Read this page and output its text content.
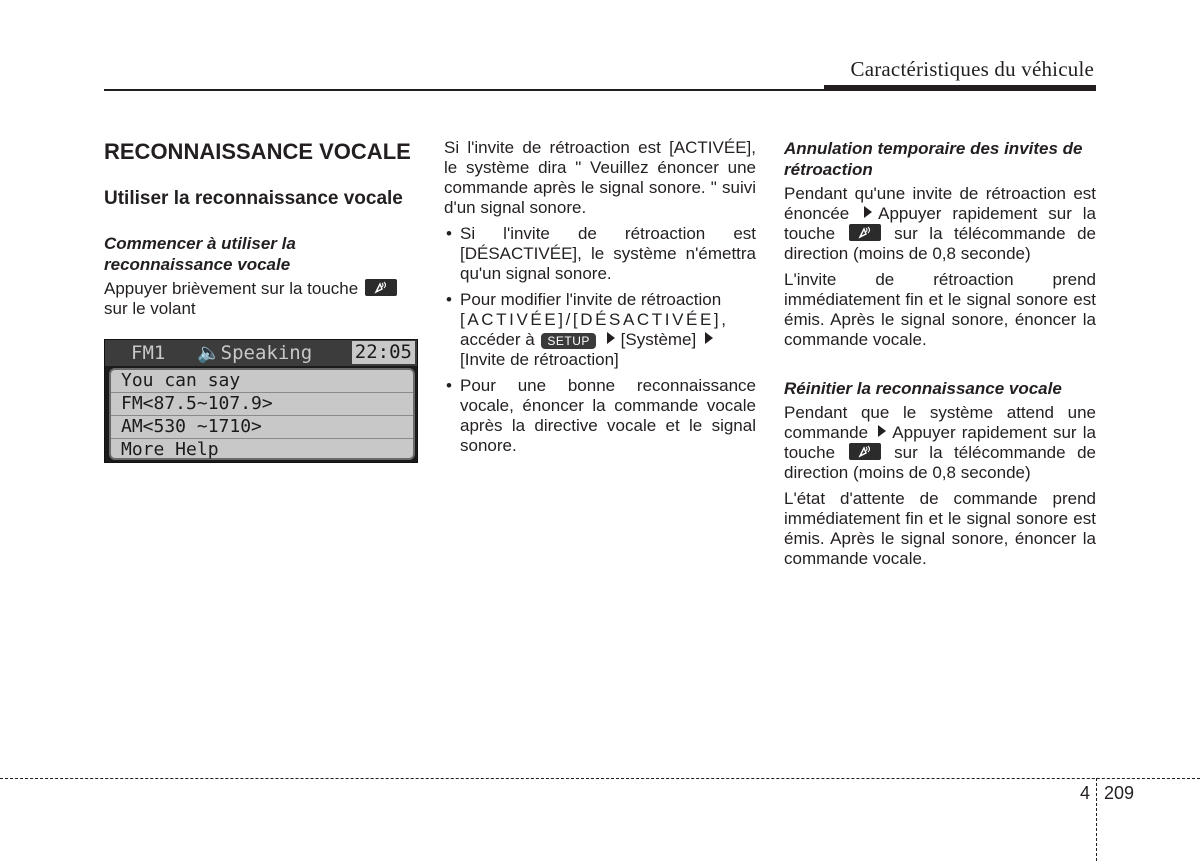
Caractéristiques du véhicule
RECONNAISSANCE VOCALE
Utiliser la reconnaissance vocale
Commencer à utiliser la reconnaissance vocale
Appuyer brièvement sur la touche
sur le volant
FM1 🔈Speaking 22:05
You can say
FM<87.5~107.9>
AM<530 ~1710>
More Help
Si l'invite de rétroaction est [ACTIVÉE], le système dira " Veuillez énoncer une commande après le signal sonore. " suivi d'un signal sonore.
• Si l'invite de rétroaction est [DÉSACTIVÉE], le système n'émettra qu'un signal sonore.
• Pour modifier l'invite de rétroaction
[ACTIVÉE]/[DÉSACTIVÉE],
accéder à SETUP [Système]
[Invite de rétroaction]
• Pour une bonne reconnaissance vocale, énoncer la commande vocale après la directive vocale et le signal sonore.
Annulation temporaire des invites de rétroaction
Pendant qu'une invite de rétroaction est énoncée Appuyer rapidement sur la touche	sur la télécommande de direction (moins de 0,8 seconde)
L'invite de rétroaction prend immédiatement fin et le signal sonore est émis. Après le signal sonore, énoncer la commande vocale.
Réinitier la reconnaissance vocale
Pendant que le système attend une commande Appuyer rapidement sur la touche	sur la télécommande de direction (moins de 0,8 seconde)
L'état d'attente de commande prend immédiatement fin et le signal sonore est émis. Après le signal sonore, énoncer la commande vocale.
4 209
